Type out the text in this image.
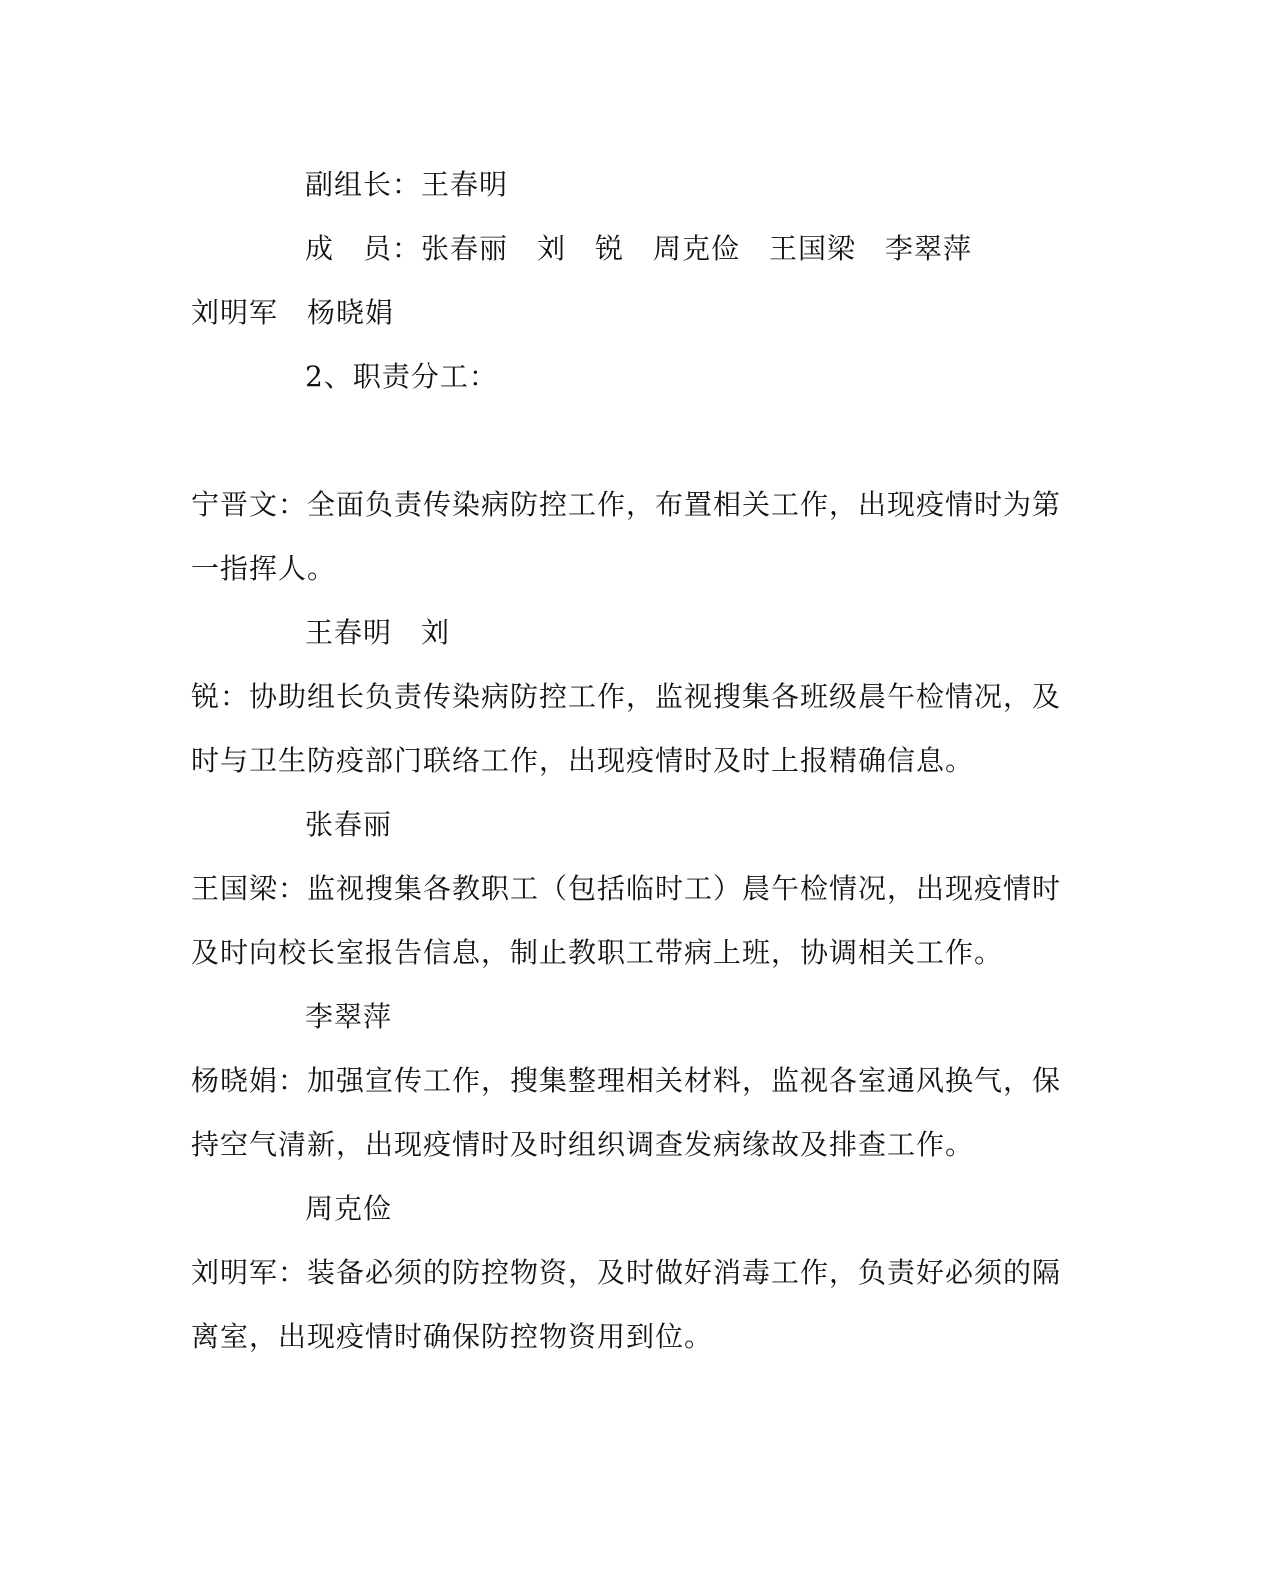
副组长：王春明
成　员：张春丽　刘　锐　周克俭　王国梁　李翠萍
刘明军　杨晓娟
2、职责分工：
宁晋文：全面负责传染病防控工作，布置相关工作，出现疫情时为第
一指挥人。
王春明　刘
锐：协助组长负责传染病防控工作，监视搜集各班级晨午检情况，及
时与卫生防疫部门联络工作，出现疫情时及时上报精确信息。
张春丽
王国梁：监视搜集各教职工（包括临时工）晨午检情况，出现疫情时
及时向校长室报告信息，制止教职工带病上班，协调相关工作。
李翠萍
杨晓娟：加强宣传工作，搜集整理相关材料，监视各室通风换气，保
持空气清新，出现疫情时及时组织调查发病缘故及排查工作。
周克俭
刘明军：装备必须的防控物资，及时做好消毒工作，负责好必须的隔
离室，出现疫情时确保防控物资用到位。
